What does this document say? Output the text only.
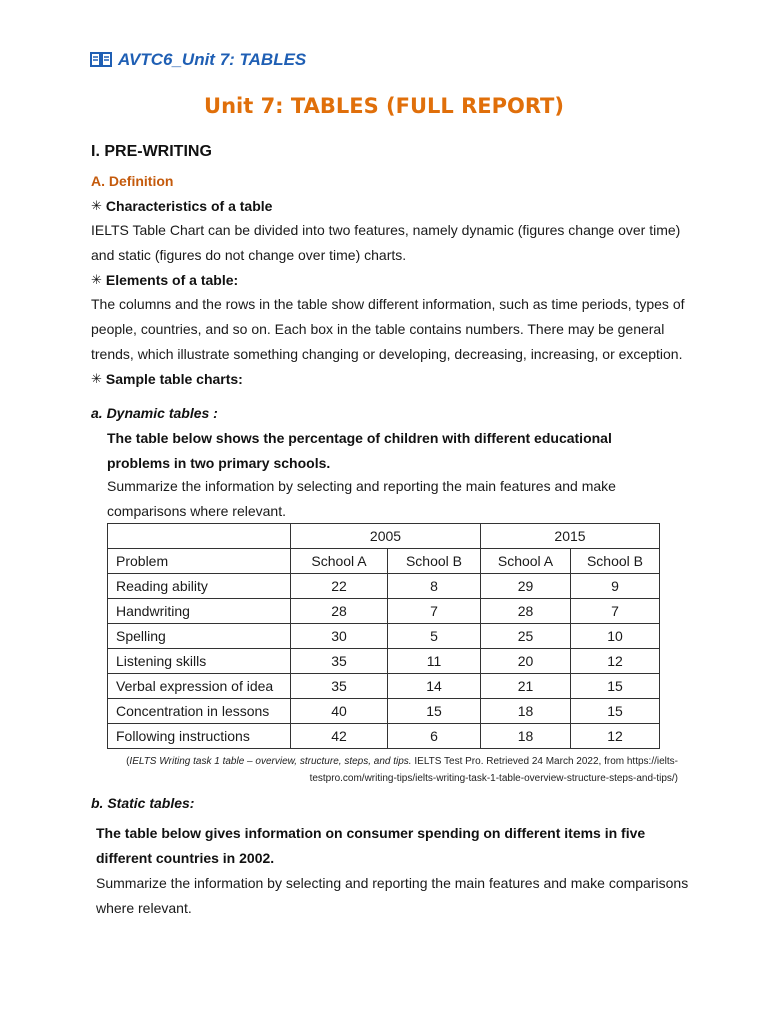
AVTC6_Unit 7: TABLES
Unit 7: TABLES (FULL REPORT)
I. PRE-WRITING
A. Definition
✳ Characteristics of a table
IELTS Table Chart can be divided into two features, namely dynamic (figures change over time)
and static (figures do not change over time) charts.
✳ Elements of a table:
The columns and the rows in the table show different information, such as time periods, types of
people, countries, and so on. Each box in the table contains numbers. There may be general
trends, which illustrate something changing or developing, decreasing, increasing, or exception.
✳ Sample table charts:
a. Dynamic tables :
The table below shows the percentage of children with different educational
problems in two primary schools.
Summarize the information by selecting and reporting the main features and make
comparisons where relevant.
	2005		2015	
Problem	School A	School B	School A	School B
Reading ability	22	8	29	9
Handwriting	28	7	28	7
Spelling	30	5	25	10
Listening skills	35	11	20	12
Verbal expression of idea	35	14	21	15
Concentration in lessons	40	15	18	15
Following instructions	42	6	18	12
(IELTS Writing task 1 table – overview, structure, steps, and tips. IELTS Test Pro. Retrieved 24 March 2022, from https://ielts-
testpro.com/writing-tips/ielts-writing-task-1-table-overview-structure-steps-and-tips/)
b. Static tables:
The table below gives information on consumer spending on different items in five
different countries in 2002.
Summarize the information by selecting and reporting the main features and make comparisons
where relevant.
